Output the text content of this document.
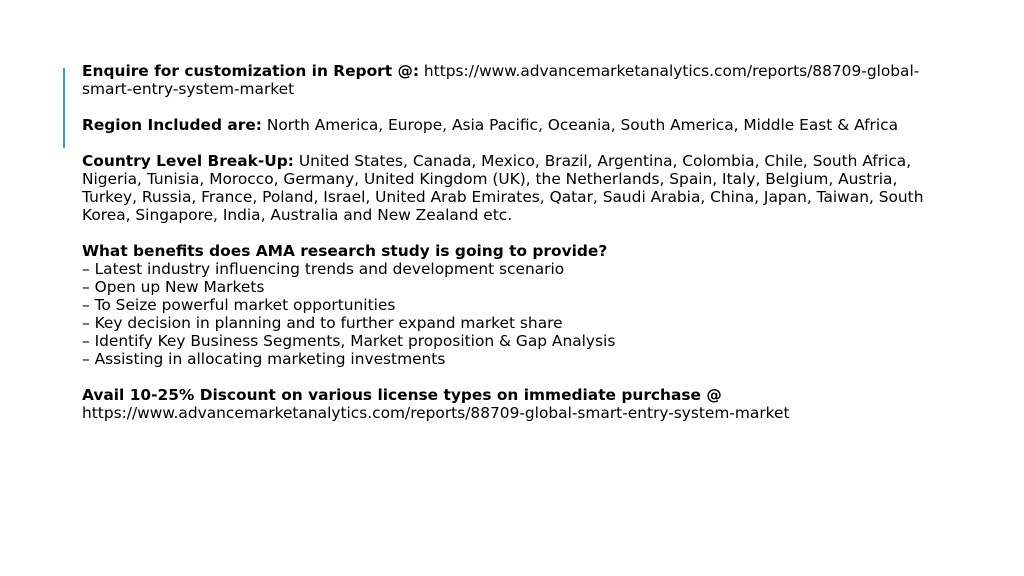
Enquire for customization in Report @: https://www.advancemarketanalytics.com/reports/88709-global-smart-entry-system-market

Region Included are: North America, Europe, Asia Pacific, Oceania, South America, Middle East & Africa

Country Level Break-Up: United States, Canada, Mexico, Brazil, Argentina, Colombia, Chile, South Africa, Nigeria, Tunisia, Morocco, Germany, United Kingdom (UK), the Netherlands, Spain, Italy, Belgium, Austria, Turkey, Russia, France, Poland, Israel, United Arab Emirates, Qatar, Saudi Arabia, China, Japan, Taiwan, South Korea, Singapore, India, Australia and New Zealand etc.

What benefits does AMA research study is going to provide?
– Latest industry influencing trends and development scenario
– Open up New Markets
– To Seize powerful market opportunities
– Key decision in planning and to further expand market share
– Identify Key Business Segments, Market proposition & Gap Analysis
– Assisting in allocating marketing investments
Avail 10-25% Discount on various license types on immediate purchase @
https://www.advancemarketanalytics.com/reports/88709-global-smart-entry-system-market
